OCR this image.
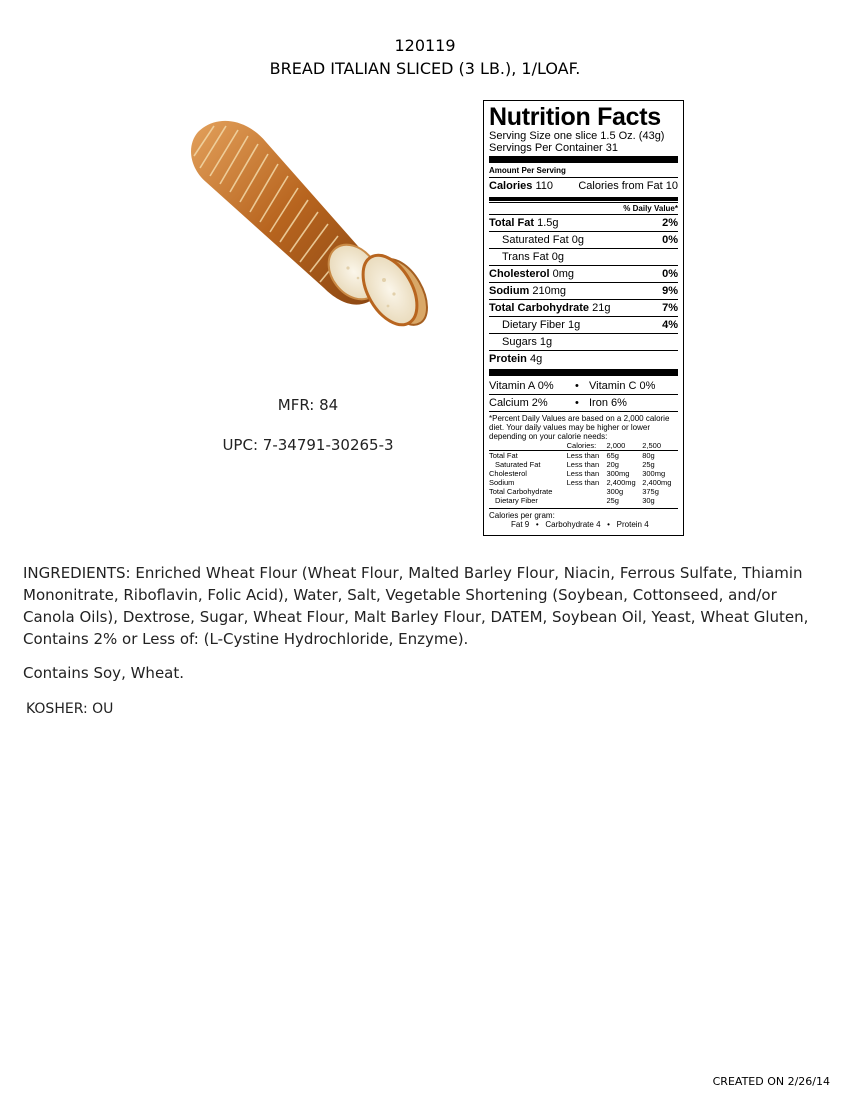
120119
BREAD ITALIAN SLICED (3 LB.), 1/LOAF.
MFR: 84
UPC: 7-34791-30265-3
Nutrition Facts
Serving Size one slice 1.5 Oz. (43g)
Servings Per Container 31
Amount Per Serving
Calories 110 Calories from Fat 10
% Daily Value*
Total Fat 1.5g	2%
Saturated Fat 0g	0%
Trans Fat 0g
Cholesterol 0mg	0%
Sodium 210mg	9%
Total Carbohydrate 21g	7%
Dietary Fiber 1g	4%
Sugars 1g
Protein 4g
Vitamin A 0%	• Vitamin C 0%
Calcium 2%	• Iron 6%
*Percent Daily Values are based on a 2,000 calorie diet. Your daily values may be higher or lower depending on your calorie needs:
	Calories:	2,000	2,500
Total Fat	Less than	65g	80g
Saturated Fat	Less than	20g	25g
Cholesterol	Less than	300mg	300mg
Sodium	Less than	2,400mg	2,400mg
Total Carbohydrate		300g	375g
Dietary Fiber		25g	30g
Calories per gram:
Fat 9   •   Carbohydrate 4   •   Protein 4
INGREDIENTS: Enriched Wheat Flour (Wheat Flour, Malted Barley Flour, Niacin, Ferrous Sulfate, Thiamin Mononitrate, Riboflavin, Folic Acid), Water, Salt, Vegetable Shortening (Soybean, Cottonseed, and/or Canola Oils), Dextrose, Sugar, Wheat Flour, Malt Barley Flour, DATEM, Soybean Oil, Yeast, Wheat Gluten, Contains 2% or Less of: (L-Cystine Hydrochloride, Enzyme).
Contains Soy, Wheat.
KOSHER: OU
CREATED ON 2/26/14
